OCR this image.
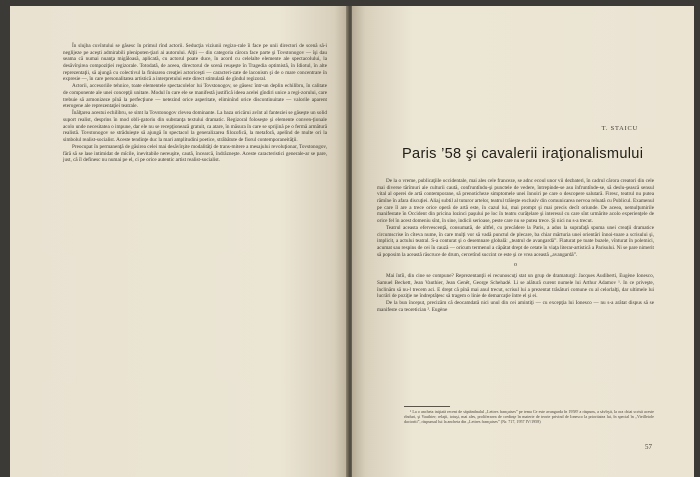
În slujba cuvîntului se găsesc în primul rînd actorii. Seducţia viziunii regizo-rale îi face pe unii directori de scenă să-i neglijeze pe aceşti admirabili plenipoten-ţiari ai autorului. Alţii — din categoria cărora face parte şi Tovstonogov — îşi dau seama că numai nuanţa migăloasă, aplicată, cu actorul poate duce, în acord cu celelalte elemente ale spectacolului, la desăvîrşirea compoziţiei regizorale. Totodată, de aceea, directorul de scenă reuşeşte în Tragedia optimistă, în Idiotul, în alte reprezentaţii, să ajungă cu colectivul la finisarea creaţiei actoriceşti — caracteri-zate de laconism şi de o mare concentrare în expresie —, în care personalitatea artistică a interpretului este direct stimulată de gîndul regizoral.

Actorii, accesoriile tehnice, toate elementele spectacolelor lui Tovstonogov, se găsesc într-un deplin echilibru, în calitate de componente ale unei concepţii unitare. Modul în care ele se manifestă justifică ideea acelei gîndiri unice a regi-zorului, care trebuie să armonizeze pînă la perfecţiune — netezind orice asperitate, eliminînd orice discontinuitate — valorile aparent eterogene ale reprezentaţiei teatrale.

Înălţarea acestui echilibru, se simt la Tovstonogov clevea dominante. La baza oricărui avînt al fanteziei se găseşte un solid suport realist, desprins în mod obli-gatoriu din substanţa textului dramatic. Regizoral foloseşte şi elemente conven-ţionale acolo unde necesitatea o impune, dar ele nu se recepţionează gratuit, ca atare, în măsura în care se sprijină pe o fermă armătură realistă. Tovstonogov se străduieşte să ajungă în spectacol la generalizarea filozofică, la metaforă, apelînd de multe ori la simbolul realist-socialist. Aceste tendinţe duc la mari amplitudini poetice, străbătute de fiorul contemporaneităţii.

Preocupat în permanenţă de găsirea celei mai desăvîrşite modalităţi de trans-mitere a mesajului revoluţionar, Tovstonogov, fără să se lase intimidat de mîcile, inevitabile nereuşite, caută, încearcă, îndrăzneşte. Aceste caracteristici generale-ar se pare, just, că îl definesc nu numai pe el, ci pe orice autentic artist realist-socialist.

T. STAICU
Paris ’58 şi cavalerii iraţionalismului

De la o vreme, publicaţiile occidentale, mai ales cele franceze, se adnc ecoul unor vii dezbateri, în cadrul cărora creatori din cele mai diverse tărîmuri ale culturii caută, confruntîndu-şi punctele de vedere, întrepinde-se asu înfruntînde-se, să deslu-şească sensul vital al operei de artă contemporane, să prenoticheze simptomele unei înnoiri pe care o descopere salutară. Firesc, teatrul nu putea rămîne în afara discuţiei. Aliaj subtil al tuturor artelor, teatrul trăieşte exclusiv din comunicarea nervoa reluată cu Publicul. Examenul pe care îl are a trece orice operă de artă este, în cazul lui, mai prompt şi mai precis decît oriunde. De aceea, nemulţumirile manifestate în Occident din pricina lozinci paşului pe loc în teatru curăţelare şi interesul cu care sînt urmărite acolo experienţele de orice fel în acest domeniu sînt, în sine, indicii serioase, peste care nu se putea trece. Şi nici nu s-a trecut.

Teatrul aceasta efervescenţă, consumată, de altfel, cu precădere la Paris, a adus la suprafaţă spuma unei creaţii dramatice circumscrise în cîteva nume, în care mulţi vor să vadă punctul de plecare, ba chiar mărturia unei orientări înnoi-toare a scrisului şi, implicit, a actului teatral. S-a conturat şi o desemnare globală: „teatrul de avangardă”. Flaturat pe toate buzele, vînturat în polemici, acumat sau respins de cei în cauză — oricum termenul a căpătat drept de cetate în viaţa literar-artistică a Parisului. Ni se pare nimerit să poposim la această răscruce de drum, cercetînd succint ce este şi ce vrea această „avangardă”.

o

Mai întîi, din cine se compune? Reprezentanţii ei recunoscuţi stat un grup de dramaturgi: Jacques Audiberti, Eugène Ionesco, Samuel Beckett, Jean Vauthier, Jean Genêt, George Schehadé. Li se alătură curent numele lui Arthur Adamov ¹. In ce priveşte, înclinăm să nu-l trecem aci. E drept că pînă mai anul trecut, scrisul lui a prezentat trăsături comune cu al celorlalţi, dar ultimele lui lucrări de poziţie ne îndreptăţesc să tragem o linie de demarcaţie între el şi ei.

De la bun început, precizăm că deocamdată nici unul din cei amintiţi — cu excepţia lui Ionesco — nu s-a arătat dispus să se manifeste ca teoretician ². Eugène

¹ La o ancheta iniţiată recent de săptămînalul „Lettres françaises” pe tema Ce este avangarda în 1958? a răspuns, a săvîrşit, la ora chiai scrisă aceste rînduri, şi Vauthier; relaţii, totuşi, mai ales, proliferarea de credinţe în materie de teorie privind de Ionesco la prioritatea lui, în special în „Vieilleiole dactoriti”, răspunsul lui la ancheta din „Lettres françaises” (Nr. 717, 1957 IV/1958)

57
